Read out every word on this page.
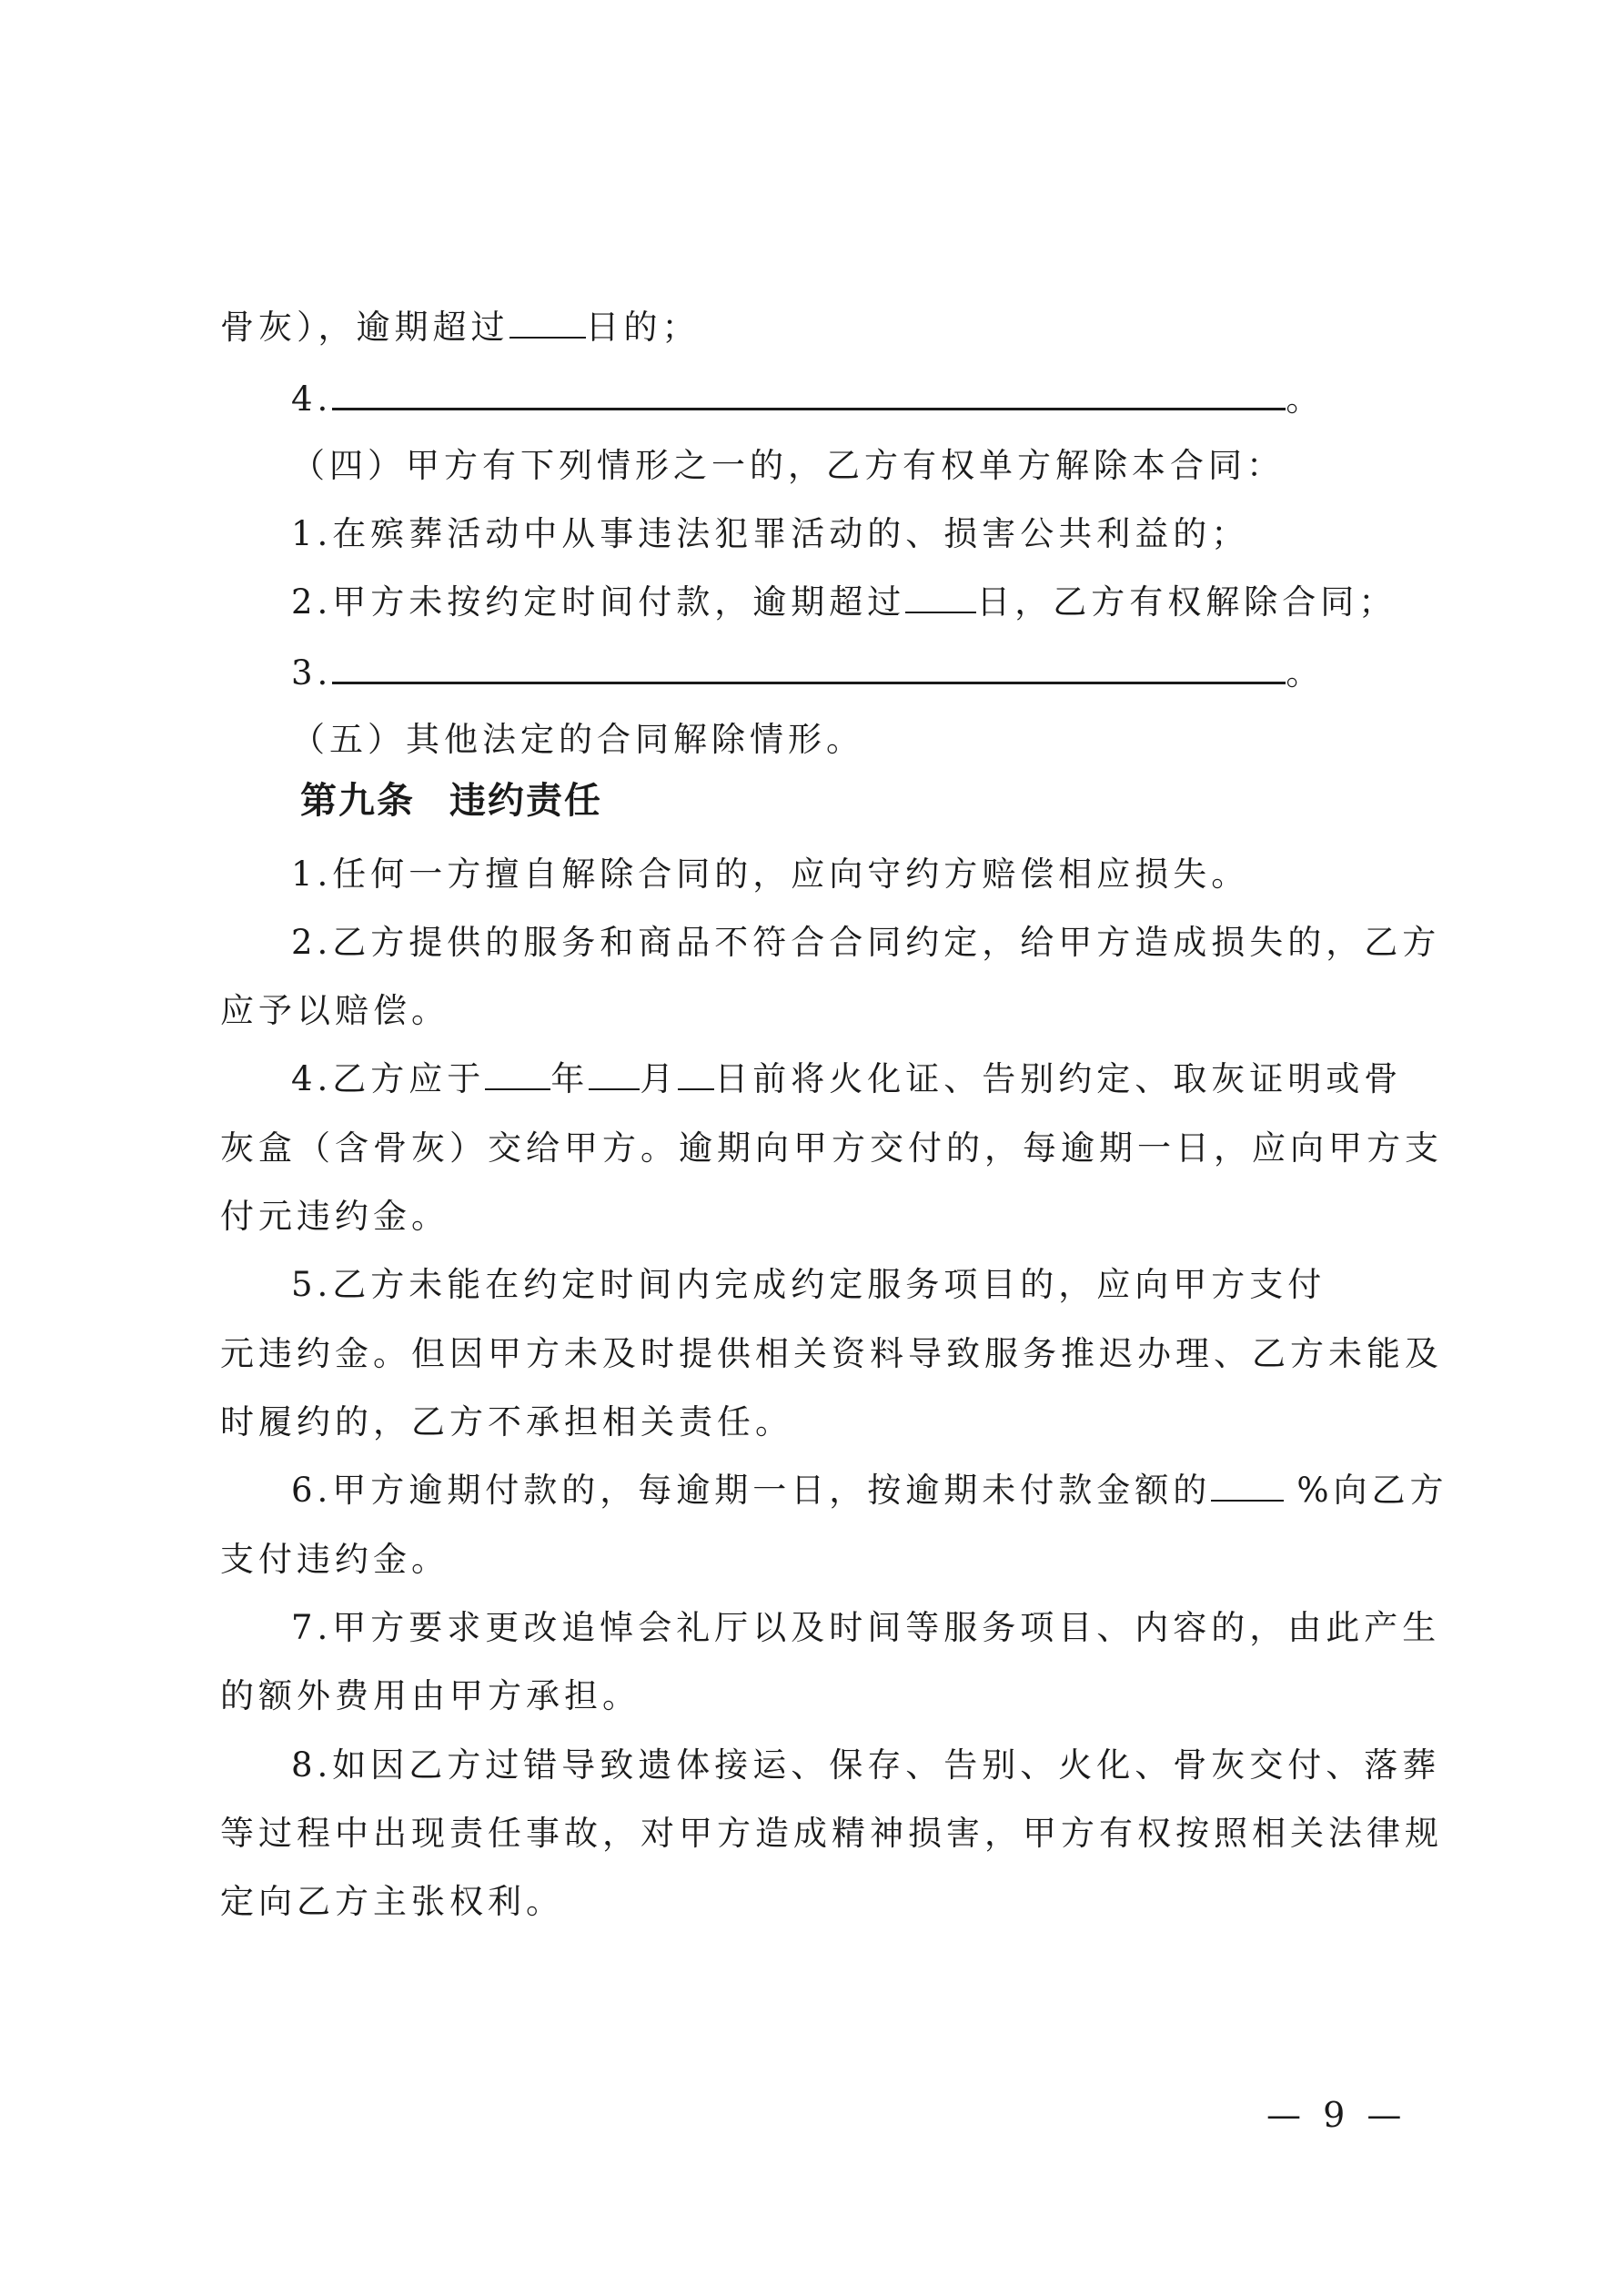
骨灰），逾期超过 日的；
4.	。
（四）甲方有下列情形之一的，乙方有权单方解除本合同：
1.在殡葬活动中从事违法犯罪活动的、损害公共利益的；
2.甲方未按约定时间付款，逾期超过 日，乙方有权解除合同；
3.	。
（五）其他法定的合同解除情形。
第九条 违约责任
1.任何一方擅自解除合同的，应向守约方赔偿相应损失。
2.乙方提供的服务和商品不符合合同约定，给甲方造成损失的，乙方
应予以赔偿。
4.乙方应于 年 月 日前将火化证、告别约定、取灰证明或骨
灰盒（含骨灰）交给甲方。逾期向甲方交付的，每逾期一日，应向甲方支
付元违约金。
5.乙方未能在约定时间内完成约定服务项目的，应向甲方支付
元违约金。但因甲方未及时提供相关资料导致服务推迟办理、乙方未能及
时履约的，乙方不承担相关责任。
6.甲方逾期付款的，每逾期一日，按逾期未付款金额的	%向乙方
支付违约金。
7.甲方要求更改追悼会礼厅以及时间等服务项目、内容的，由此产生
的额外费用由甲方承担。
8.如因乙方过错导致遗体接运、保存、告别、火化、骨灰交付、落葬
等过程中出现责任事故，对甲方造成精神损害，甲方有权按照相关法律规
定向乙方主张权利。
— 9 —
